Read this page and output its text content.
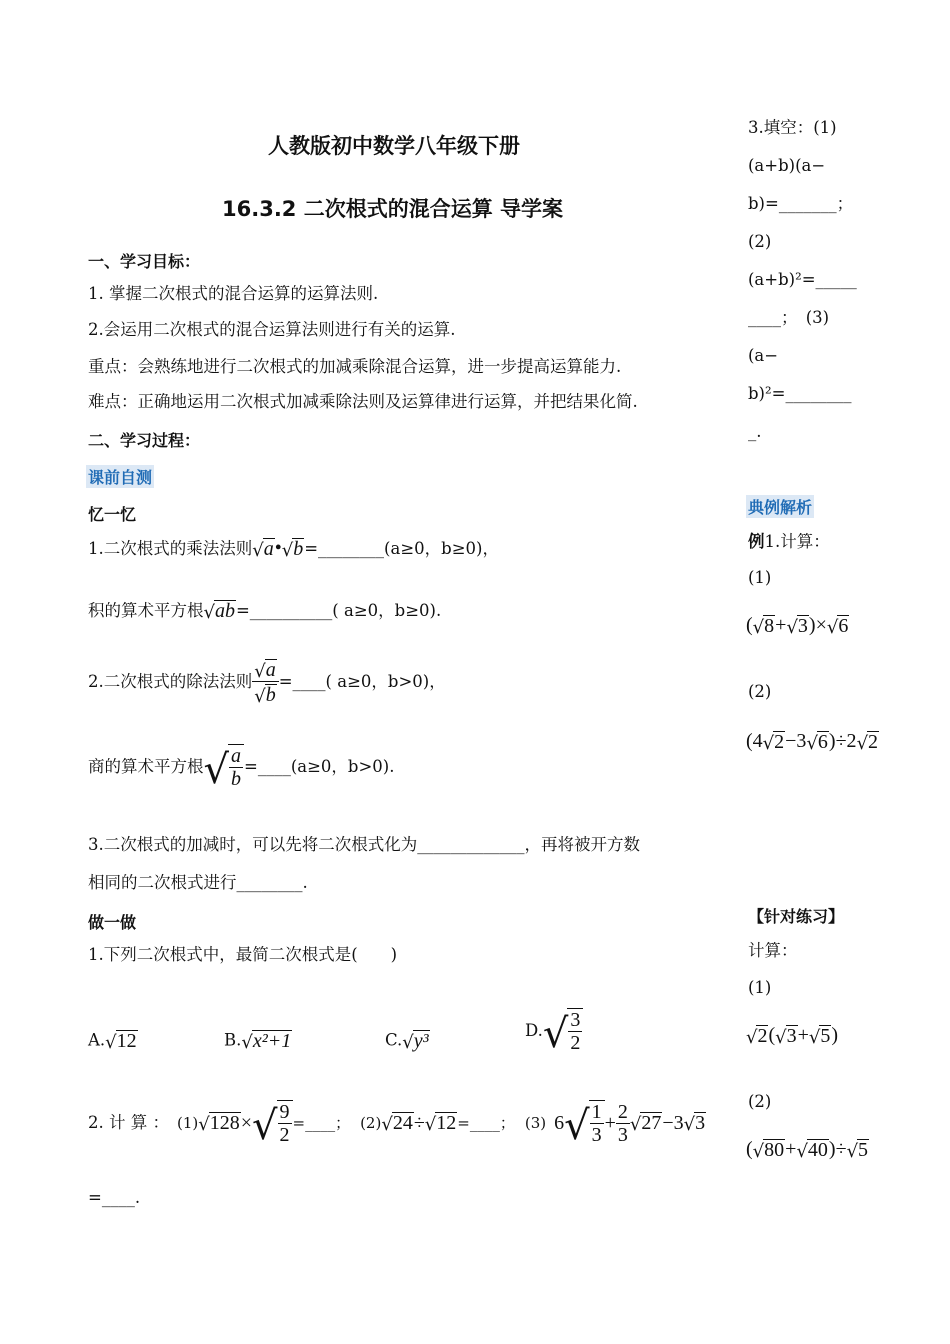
人教版初中数学八年级下册
16.3.2 二次根式的混合运算 导学案
一、学习目标：
1. 掌握二次根式的混合运算的运算法则.
2.会运用二次根式的混合运算法则进行有关的运算.
重点：会熟练地进行二次根式的加减乘除混合运算，进一步提高运算能力.
难点：正确地运用二次根式加减乘除法则及运算律进行运算，并把结果化简.
二、学习过程：
课前自测
忆一忆
1.二次根式的乘法法则 √ a • √ b =________(a≥0，b≥0)，
积的算术平方根 √ ab =__________( a≥0，b≥0).
2.二次根式的除法法则 $\frac{√ a}{√ b}$ =____( a≥0，b>0)，
商的算术平方根 √ $\frac{a}{b}$ =____(a≥0，b>0).
3.二次根式的加减时，可以先将二次根式化为_____________，再将被开方数
相同的二次根式进行________.
做一做
1.下列二次根式中，最简二次根式是(　　)
A. √ 12	B. √ x²+1	C. √ y³	D. √ $\frac{3}{2}$
2. 计 算 ： (1) √ 128 × √ $\frac{9}{2}$ =____； (2) √ 24 ÷ √ 12 =____； (3) 6 √ $\frac{1}{3} + \frac{2}{3}$ √ 27 −3 √ 3
=____.
3.填空：(1)
(a+b)(a−
b)=_______；
(2)
(a+b)²=_____
____；　(3)
(a−
b)²=________
_.
典例解析
例1.计算：
(1)
( √ 8 + √ 3 )× √ 6
(2)
(4 √ 2 −3 √ 6 )÷2 √ 2
【针对练习】
计算：
(1)
√ 2 ( √ 3 + √ 5 )
(2)
( √ 80 + √ 40 )÷ √ 5
